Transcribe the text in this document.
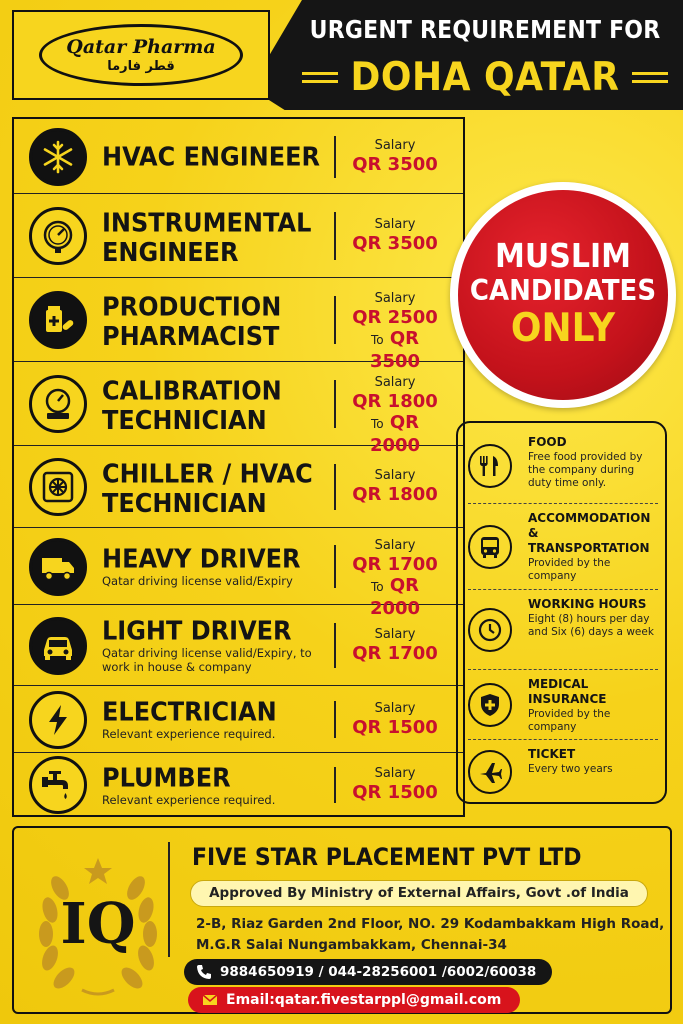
Qatar Pharma
قطر فارما
URGENT REQUIREMENT FOR
DOHA QATAR
HVAC ENGINEER	Salary
QR 3500
INSTRUMENTAL ENGINEER
Salary
QR 3500
PRODUCTION PHARMACIST
Salary
QR 2500
To QR 3500
CALIBRATION TECHNICIAN
Salary
QR 1800
To QR 2000
CHILLER / HVAC TECHNICIAN
Salary
QR 1800
HEAVY DRIVER
Qatar driving license valid/Expiry
Salary
QR 1700
To QR 2000
LIGHT DRIVER
Qatar driving license valid/Expiry, to work in house & company
Salary
QR 1700
ELECTRICIAN
Relevant experience required.
Salary
QR 1500
PLUMBER
Relevant experience required.
Salary
QR 1500
MUSLIM
CANDIDATES
ONLY
FOOD
Free food provided by the company during duty time only.
ACCOMMODATION & TRANSPORTATION
Provided by the company
WORKING HOURS
Eight (8) hours per day and Six (6) days a week
MEDICAL INSURANCE
Provided by the company
TICKET
Every two years
IQ
FIVE STAR PLACEMENT PVT LTD
Approved By Ministry of External Affairs, Govt .of India
2-B, Riaz Garden 2nd Floor, NO. 29 Kodambakkam High Road,
M.G.R Salai Nungambakkam, Chennai-34
9884650919 / 044-28256001 /6002/60038
Email:qatar.fivestarppl@gmail.com
